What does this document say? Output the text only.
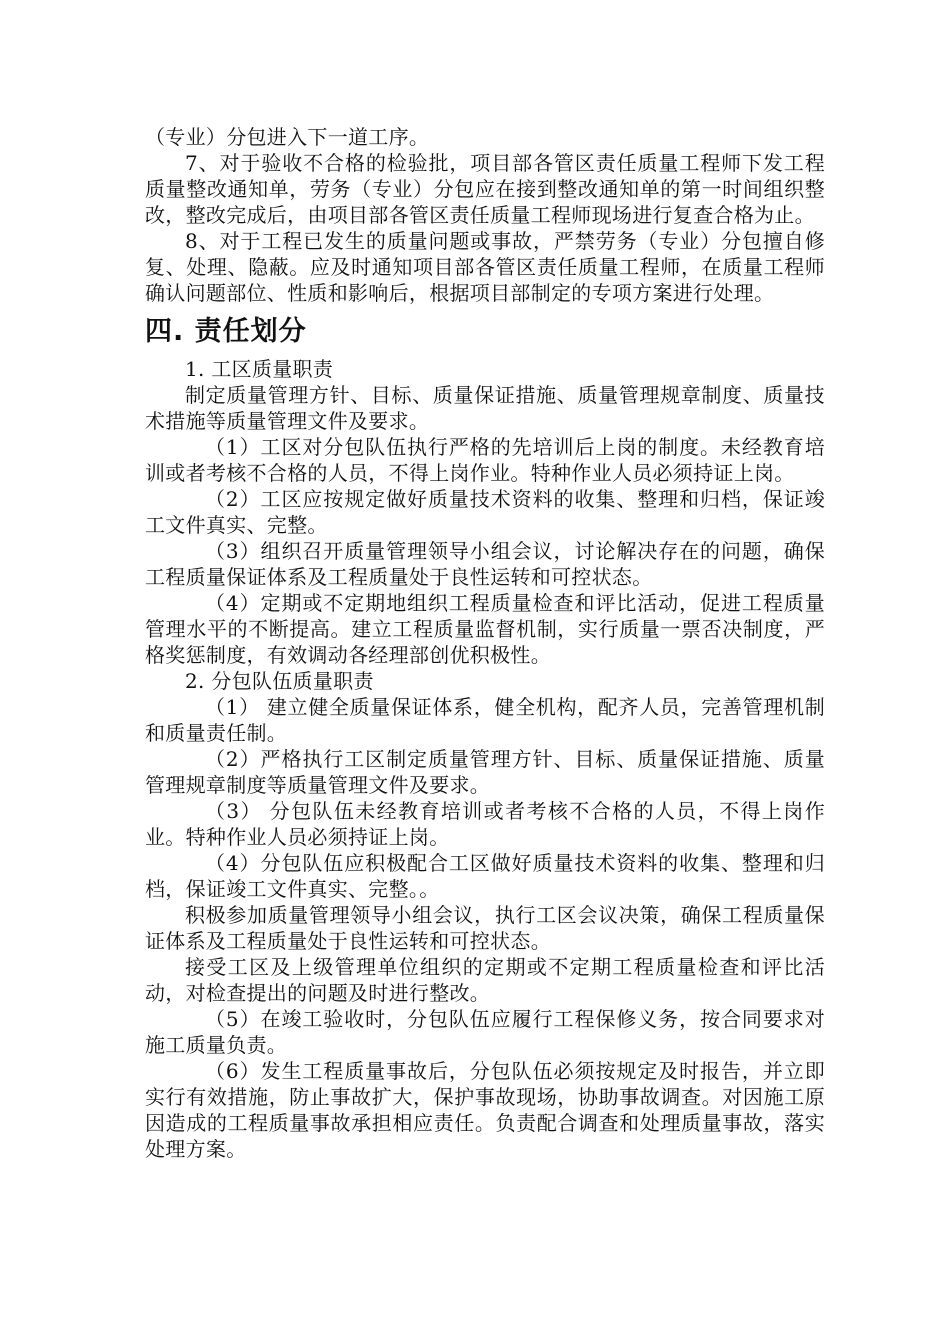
（专业）分包进入下一道工序。

7、对于验收不合格的检验批，项目部各管区责任质量工程师下发工程质量整改通知单，劳务（专业）分包应在接到整改通知单的第一时间组织整改，整改完成后，由项目部各管区责任质量工程师现场进行复查合格为止。

8、对于工程已发生的质量问题或事故，严禁劳务（专业）分包擅自修复、处理、隐蔽。应及时通知项目部各管区责任质量工程师，在质量工程师确认问题部位、性质和影响后，根据项目部制定的专项方案进行处理。

四. 责任划分

1. 工区质量职责

制定质量管理方针、目标、质量保证措施、质量管理规章制度、质量技术措施等质量管理文件及要求。

（1）工区对分包队伍执行严格的先培训后上岗的制度。未经教育培训或者考核不合格的人员，不得上岗作业。特种作业人员必须持证上岗。

（2）工区应按规定做好质量技术资料的收集、整理和归档，保证竣工文件真实、完整。

（3）组织召开质量管理领导小组会议，讨论解决存在的问题，确保工程质量保证体系及工程质量处于良性运转和可控状态。

（4）定期或不定期地组织工程质量检查和评比活动，促进工程质量管理水平的不断提高。建立工程质量监督机制，实行质量一票否决制度，严格奖惩制度，有效调动各经理部创优积极性。

2. 分包队伍质量职责

（1） 建立健全质量保证体系，健全机构，配齐人员，完善管理机制和质量责任制。

（2）严格执行工区制定质量管理方针、目标、质量保证措施、质量管理规章制度等质量管理文件及要求。

（3） 分包队伍未经教育培训或者考核不合格的人员，不得上岗作业。特种作业人员必须持证上岗。

（4）分包队伍应积极配合工区做好质量技术资料的收集、整理和归档，保证竣工文件真实、完整。。

积极参加质量管理领导小组会议，执行工区会议决策，确保工程质量保证体系及工程质量处于良性运转和可控状态。

接受工区及上级管理单位组织的定期或不定期工程质量检查和评比活动，对检查提出的问题及时进行整改。

（5）在竣工验收时，分包队伍应履行工程保修义务，按合同要求对施工质量负责。

（6）发生工程质量事故后，分包队伍必须按规定及时报告，并立即实行有效措施，防止事故扩大，保护事故现场，协助事故调查。对因施工原因造成的工程质量事故承担相应责任。负责配合调查和处理质量事故，落实处理方案。
